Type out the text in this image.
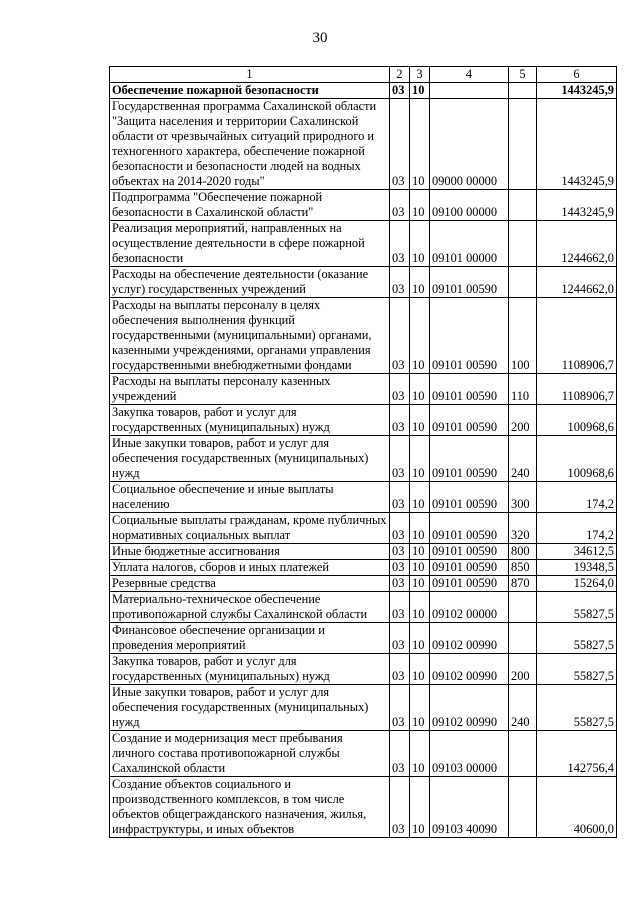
30
1	2	3	4	5	6
Обеспечение пожарной безопасности	03	10			1443245,9
Государственная программа Сахалинской области "Защита населения и территории Сахалинской области от чрезвычайных ситуаций природного и техногенного характера, обеспечение пожарной безопасности и безопасности людей на водных объектах на 2014-2020 годы"	03	10	09000 00000		1443245,9
Подпрограмма "Обеспечение пожарной безопасности в Сахалинской области"	03	10	09100 00000		1443245,9
Реализация мероприятий, направленных на осуществление деятельности в сфере пожарной безопасности	03	10	09101 00000		1244662,0
Расходы на обеспечение деятельности (оказание услуг) государственных учреждений	03	10	09101 00590		1244662,0
Расходы на выплаты персоналу в целях обеспечения выполнения функций государственными (муниципальными) органами, казенными учреждениями, органами управления государственными внебюджетными фондами	03	10	09101 00590	100	1108906,7
Расходы на выплаты персоналу казенных учреждений	03	10	09101 00590	110	1108906,7
Закупка товаров, работ и услуг для государственных (муниципальных) нужд	03	10	09101 00590	200	100968,6
Иные закупки товаров, работ и услуг для обеспечения государственных (муниципальных) нужд	03	10	09101 00590	240	100968,6
Социальное обеспечение и иные выплаты населению	03	10	09101 00590	300	174,2
Социальные выплаты гражданам, кроме публичных нормативных социальных выплат	03	10	09101 00590	320	174,2
Иные бюджетные ассигнования	03	10	09101 00590	800	34612,5
Уплата налогов, сборов и иных платежей	03	10	09101 00590	850	19348,5
Резервные средства	03	10	09101 00590	870	15264,0
Материально-техническое обеспечение противопожарной службы Сахалинской области	03	10	09102 00000		55827,5
Финансовое обеспечение организации и проведения мероприятий	03	10	09102 00990		55827,5
Закупка товаров, работ и услуг для государственных (муниципальных) нужд	03	10	09102 00990	200	55827,5
Иные закупки товаров, работ и услуг для обеспечения государственных (муниципальных) нужд	03	10	09102 00990	240	55827,5
Создание и модернизация мест пребывания личного состава противопожарной службы Сахалинской области	03	10	09103 00000		142756,4
Создание объектов социального и производственного комплексов, в том числе объектов общегражданского назначения, жилья, инфраструктуры, и иных объектов	03	10	09103 40090		40600,0
